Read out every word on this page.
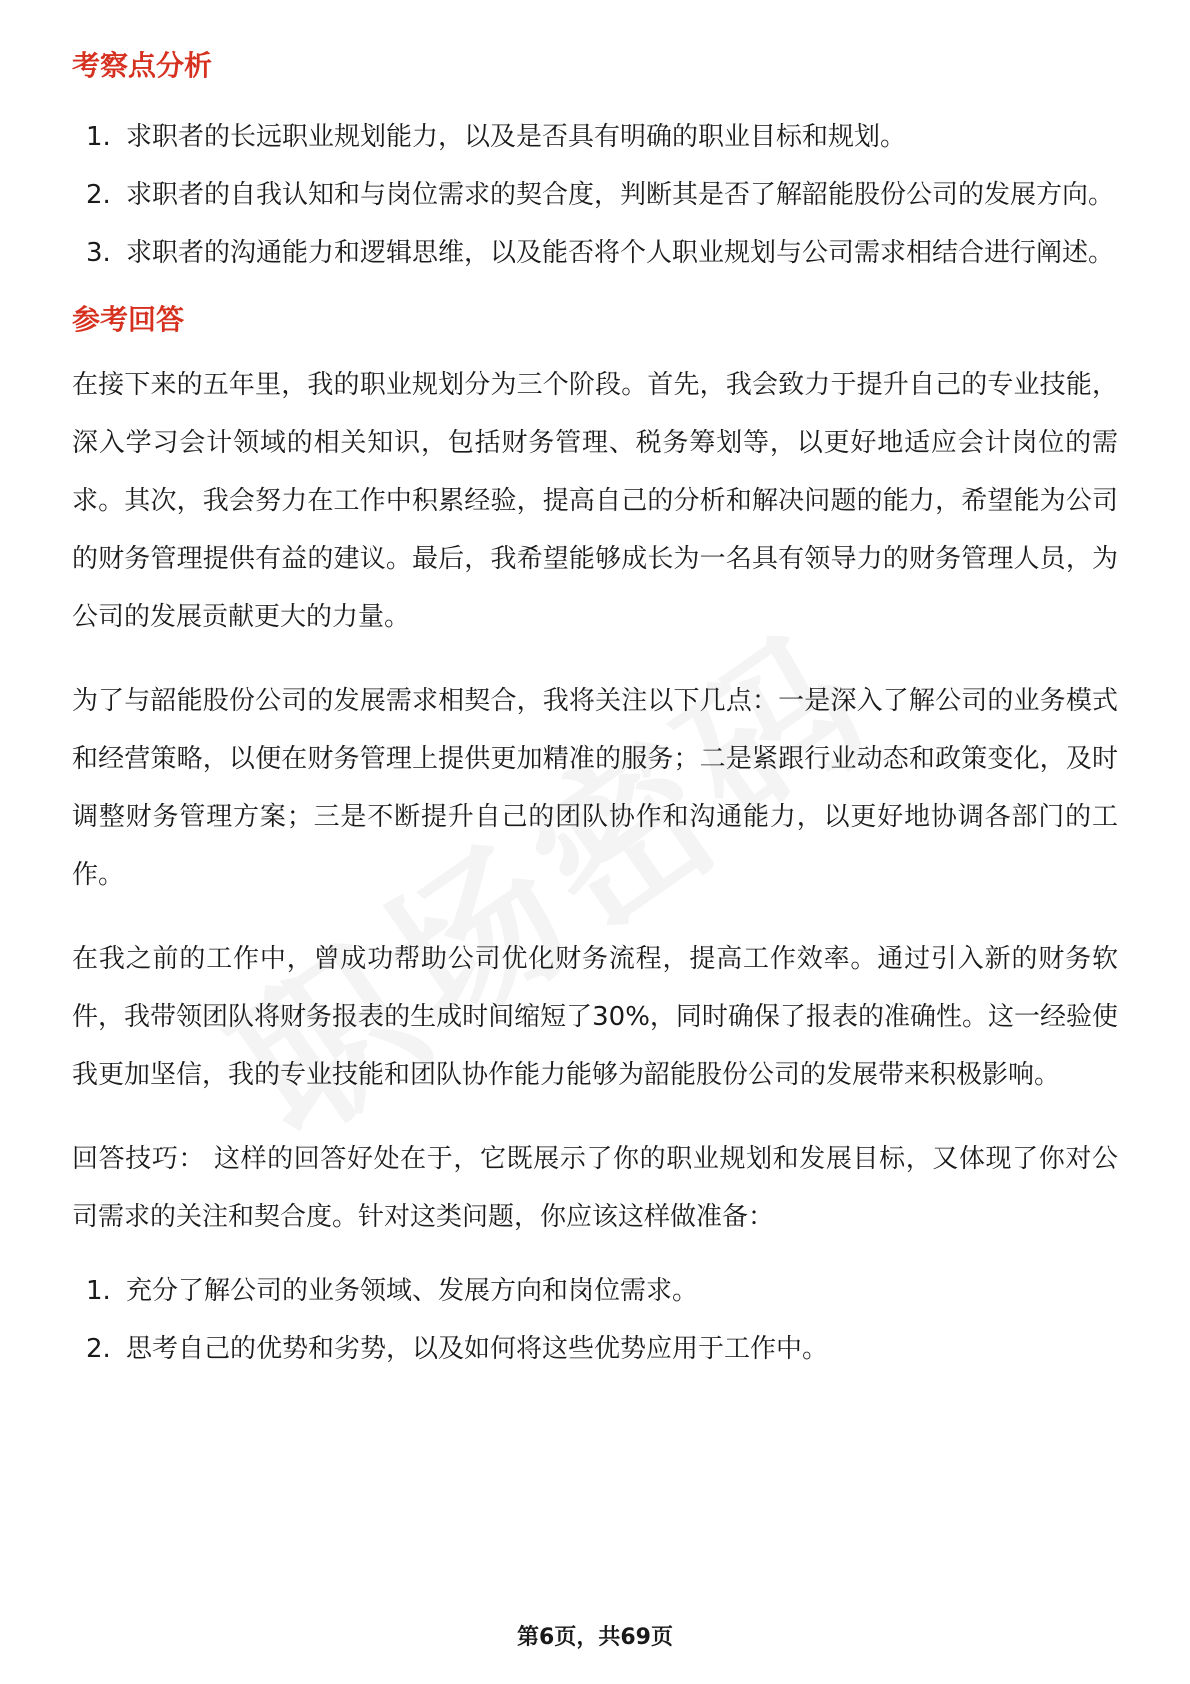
考察点分析
1. 求职者的长远职业规划能力，以及是否具有明确的职业目标和规划。
2. 求职者的自我认知和与岗位需求的契合度，判断其是否了解韶能股份公司的发展方向。
3. 求职者的沟通能力和逻辑思维，以及能否将个人职业规划与公司需求相结合进行阐述。
参考回答

在接下来的五年里，我的职业规划分为三个阶段。首先，我会致力于提升自己的专业技能，深入学习会计领域的相关知识，包括财务管理、税务筹划等，以更好地适应会计岗位的需求。其次，我会努力在工作中积累经验，提高自己的分析和解决问题的能力，希望能为公司的财务管理提供有益的建议。最后，我希望能够成长为一名具有领导力的财务管理人员，为公司的发展贡献更大的力量。

为了与韶能股份公司的发展需求相契合，我将关注以下几点：一是深入了解公司的业务模式和经营策略，以便在财务管理上提供更加精准的服务；二是紧跟行业动态和政策变化，及时调整财务管理方案；三是不断提升自己的团队协作和沟通能力，以更好地协调各部门的工作。

在我之前的工作中，曾成功帮助公司优化财务流程，提高工作效率。通过引入新的财务软件，我带领团队将财务报表的生成时间缩短了30%，同时确保了报表的准确性。这一经验使我更加坚信，我的专业技能和团队协作能力能够为韶能股份公司的发展带来积极影响。

回答技巧： 这样的回答好处在于，它既展示了你的职业规划和发展目标，又体现了你对公司需求的关注和契合度。针对这类问题，你应该这样做准备：

1. 充分了解公司的业务领域、发展方向和岗位需求。
2. 思考自己的优势和劣势，以及如何将这些优势应用于工作中。
第6页，共69页
